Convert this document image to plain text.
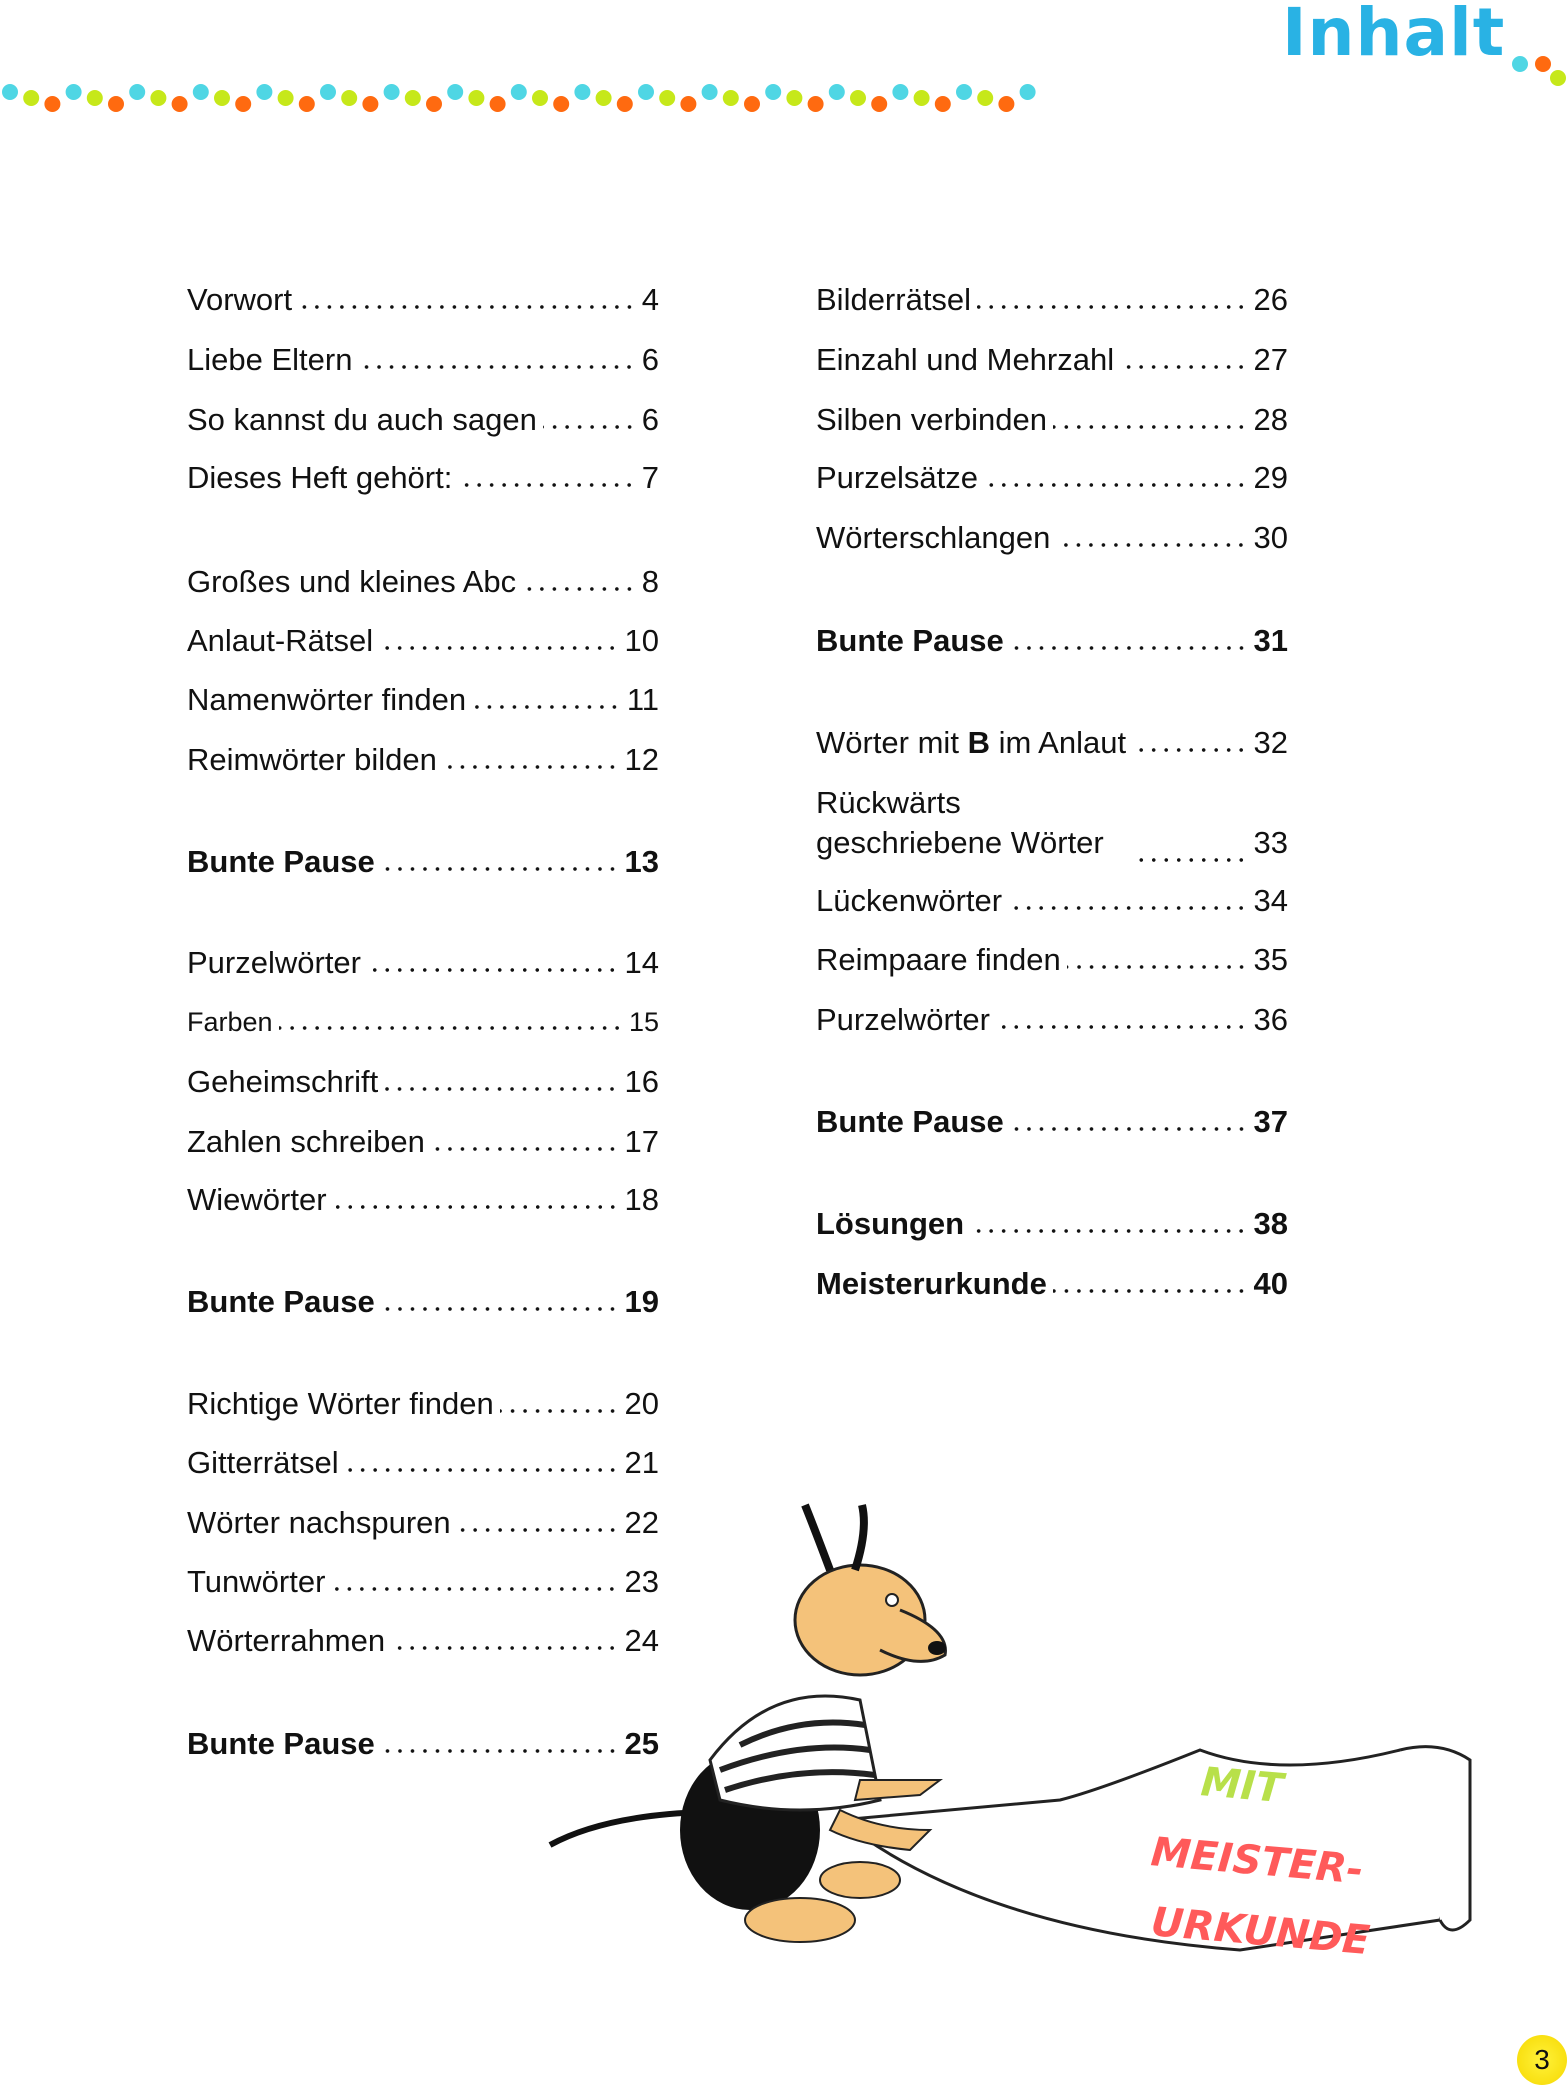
Inhalt
Vorwort	4
Liebe Eltern	6
So kannst du auch sagen	6
Dieses Heft gehört:	7
Großes und kleines Abc	8
Anlaut-Rätsel	10
Namenwörter finden	11
Reimwörter bilden	12
Bunte Pause	13
Purzelwörter	14
Farben	15
Geheimschrift	16
Zahlen schreiben	17
Wiewörter	18
Bunte Pause	19
Richtige Wörter finden	20
Gitterrätsel	21
Wörter nachspuren	22
Tunwörter	23
Wörterrahmen	24
Bunte Pause	25
Bilderrätsel	26
Einzahl und Mehrzahl	27
Silben verbinden	28
Purzelsätze	29
Wörterschlangen	30
Bunte Pause	31
Wörter mit B im Anlaut	32
Rückwärts geschriebene Wörter	33
Lückenwörter	34
Reimpaare finden	35
Purzelwörter	36
Bunte Pause	37
Lösungen	38
Meisterurkunde	40
MIT
MEISTER-
URKUNDE
3
